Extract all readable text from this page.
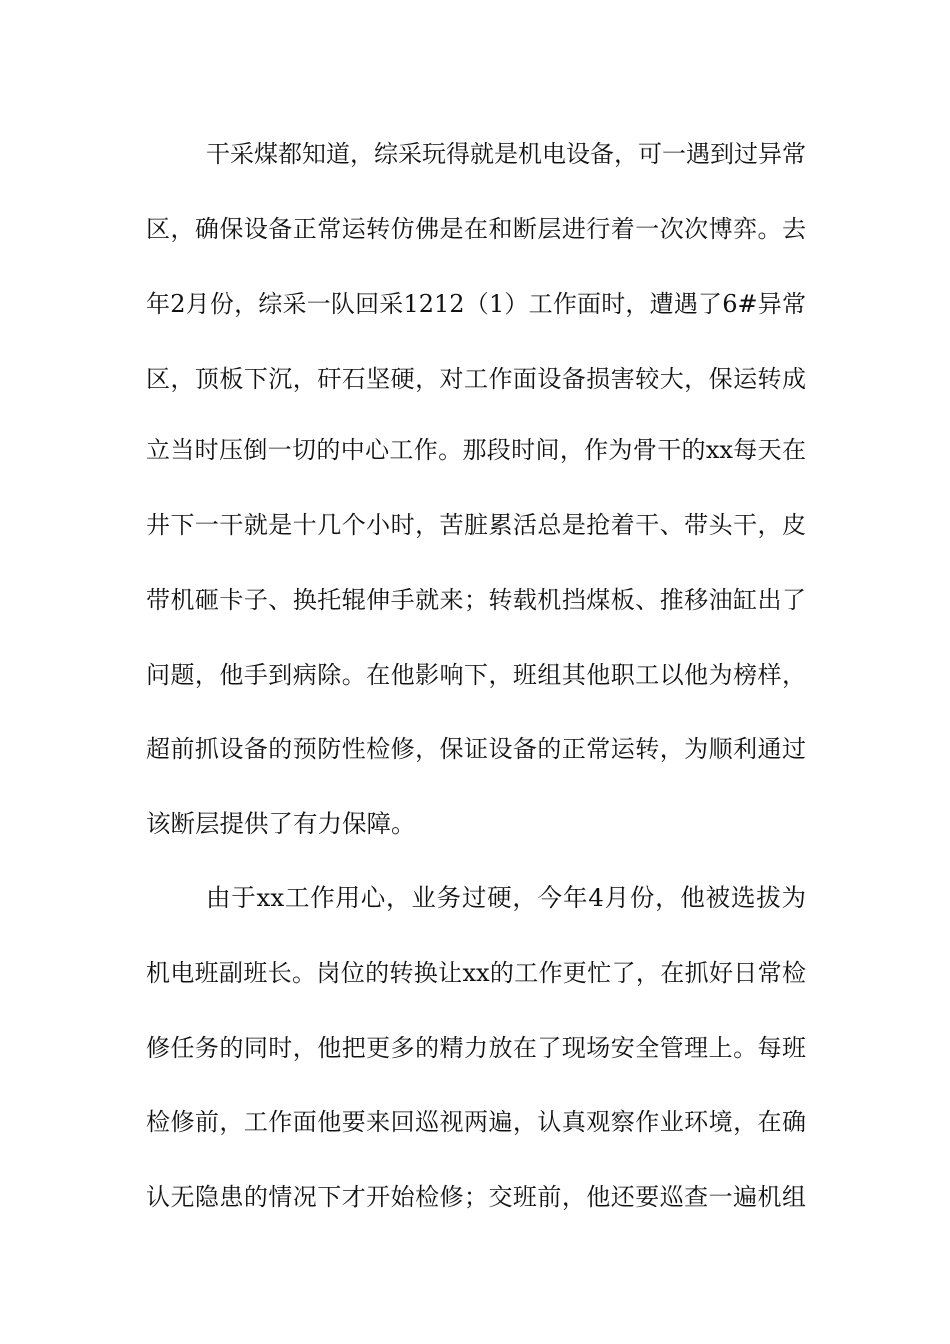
干采煤都知道，综采玩得就是机电设备，可一遇到过异常
区，确保设备正常运转仿佛是在和断层进行着一次次博弈。去
年2月份，综采一队回采1212（1）工作面时，遭遇了6#异常
区，顶板下沉，矸石坚硬，对工作面设备损害较大，保运转成
立当时压倒一切的中心工作。那段时间，作为骨干的xx每天在
井下一干就是十几个小时，苦脏累活总是抢着干、带头干，皮
带机砸卡子、换托辊伸手就来；转载机挡煤板、推移油缸出了
问题，他手到病除。在他影响下，班组其他职工以他为榜样，
超前抓设备的预防性检修，保证设备的正常运转，为顺利通过
该断层提供了有力保障。
由于xx工作用心，业务过硬，今年4月份，他被选拔为
机电班副班长。岗位的转换让xx的工作更忙了，在抓好日常检
修任务的同时，他把更多的精力放在了现场安全管理上。每班
检修前，工作面他要来回巡视两遍，认真观察作业环境，在确
认无隐患的情况下才开始检修；交班前，他还要巡查一遍机组
